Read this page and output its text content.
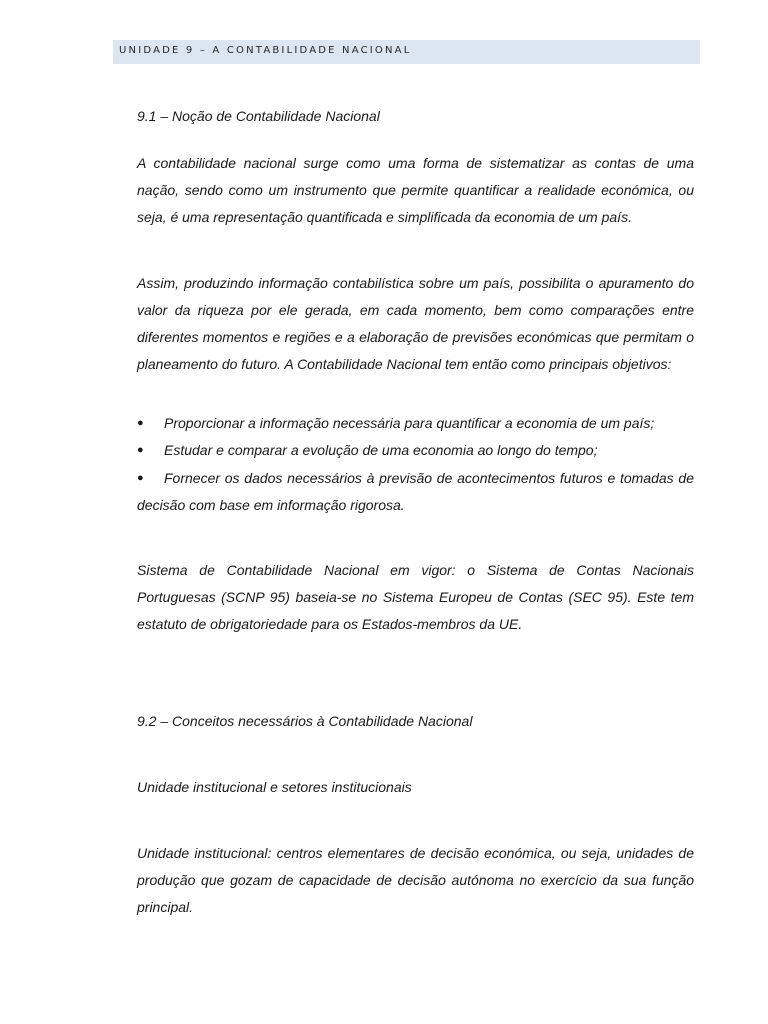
UNIDADE 9 – A CONTABILIDADE NACIONAL

9.1 – Noção de Contabilidade Nacional

A contabilidade nacional surge como uma forma de sistematizar as contas de uma nação, sendo como um instrumento que permite quantificar a realidade económica, ou seja, é uma representação quantificada e simplificada da economia de um país.

Assim, produzindo informação contabilística sobre um país, possibilita o apuramento do valor da riqueza por ele gerada, em cada momento, bem como comparações entre diferentes momentos e regiões e a elaboração de previsões económicas que permitam o planeamento do futuro. A Contabilidade Nacional tem então como principais objetivos:

●	Proporcionar a informação necessária para quantificar a economia de um país;

●	Estudar e comparar a evolução de uma economia ao longo do tempo;

●	Fornecer os dados necessários à previsão de acontecimentos futuros e tomadas de decisão com base em informação rigorosa.

Sistema de Contabilidade Nacional em vigor: o Sistema de Contas Nacionais Portuguesas (SCNP 95) baseia-se no Sistema Europeu de Contas (SEC 95). Este tem estatuto de obrigatoriedade para os Estados-membros da UE.

9.2 – Conceitos necessários à Contabilidade Nacional

Unidade institucional e setores institucionais

Unidade institucional: centros elementares de decisão económica, ou seja, unidades de produção que gozam de capacidade de decisão autónoma no exercício da sua função principal.
